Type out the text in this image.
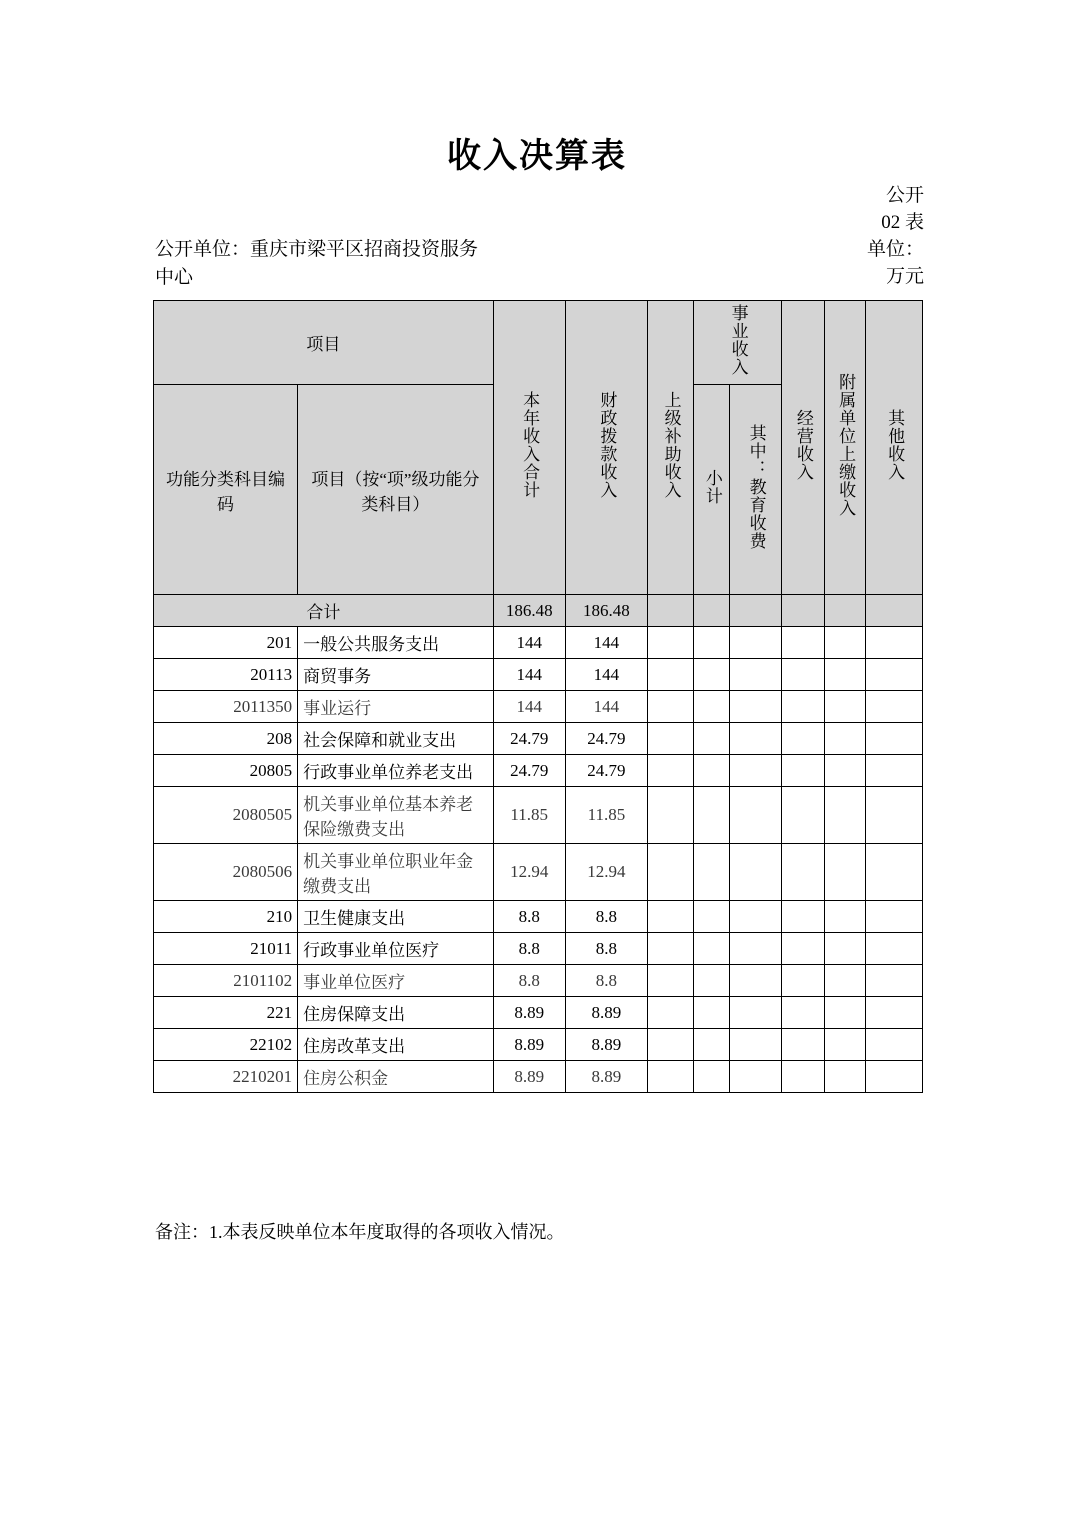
收入决算表
公开
02 表
单位：
万元
公开单位：重庆市梁平区招商投资服务中心
项目		本年收入合计	财政拨款收入	上级补助收入	事业收入		经营收入	附属单位上缴收入	其他收入
功能分类科目编码	项目（按“项”级功能分类科目）				小计	其中：教育收费			
合计		186.48	186.48						
201	一般公共服务支出	144	144						
20113	商贸事务	144	144						
2011350	事业运行	144	144						
208	社会保障和就业支出	24.79	24.79						
20805	行政事业单位养老支出	24.79	24.79						
2080505	机关事业单位基本养老保险缴费支出	11.85	11.85						
2080506	机关事业单位职业年金缴费支出	12.94	12.94						
210	卫生健康支出	8.8	8.8						
21011	行政事业单位医疗	8.8	8.8						
2101102	事业单位医疗	8.8	8.8						
221	住房保障支出	8.89	8.89						
22102	住房改革支出	8.89	8.89						
2210201	住房公积金	8.89	8.89						
备注：1.本表反映单位本年度取得的各项收入情况。
